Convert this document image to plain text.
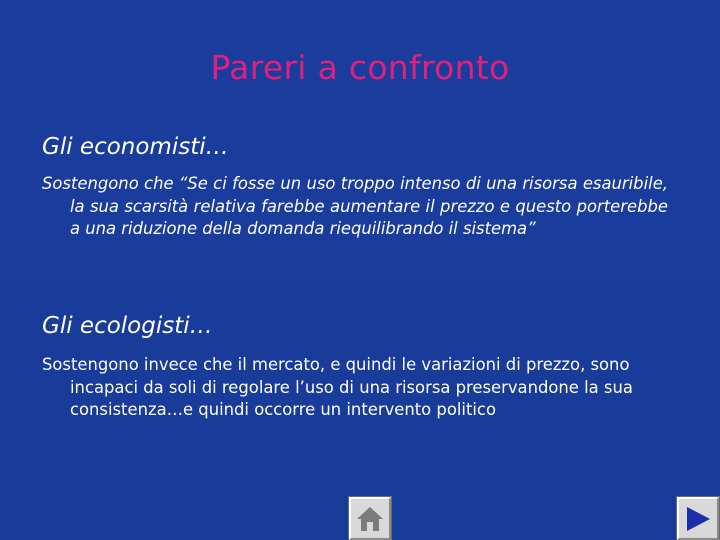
Pareri a confronto
Gli economisti…
Sostengono che “Se ci fosse un uso troppo intenso di una risorsa esauribile, la sua scarsità relativa farebbe aumentare il prezzo e questo porterebbe a una riduzione della domanda riequilibrando il sistema”
Gli ecologisti…
Sostengono invece che il mercato, e quindi le variazioni di prezzo, sono incapaci da soli di regolare l’uso di una risorsa preservandone la sua consistenza…e quindi occorre un intervento politico
